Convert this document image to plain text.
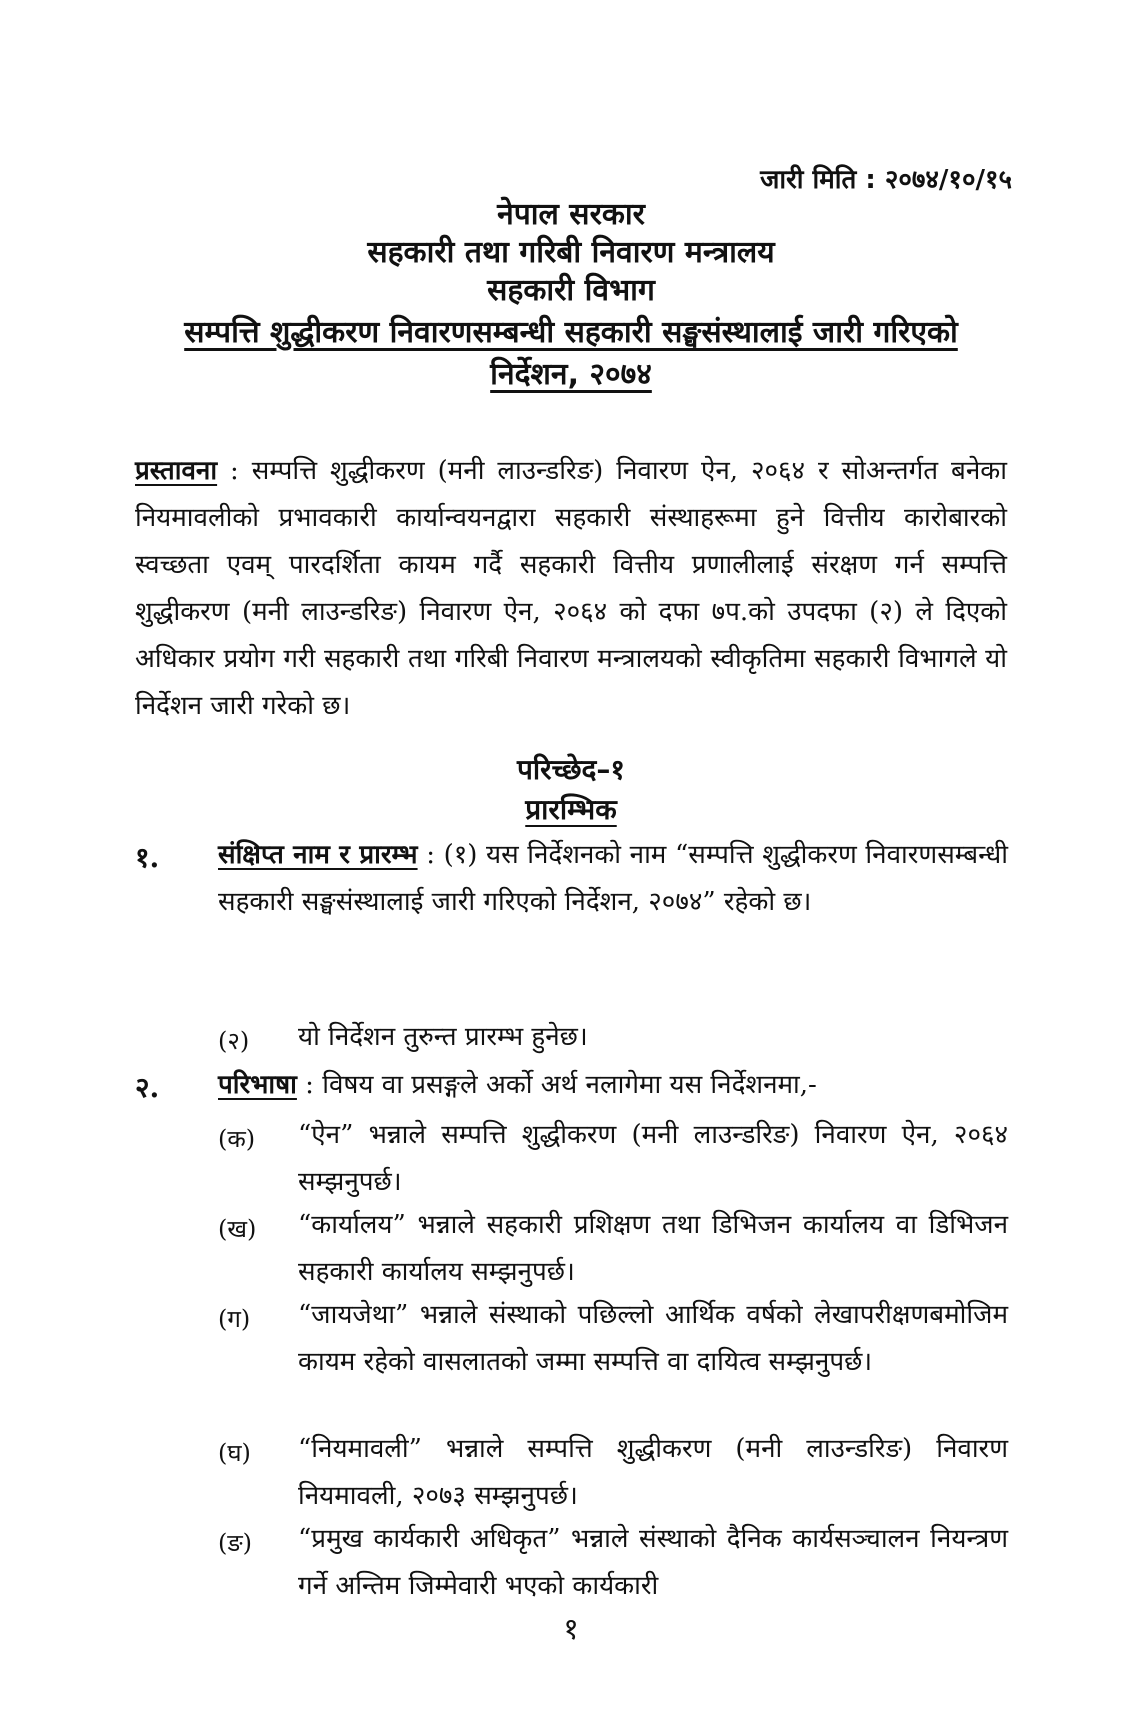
जारी मिति : २०७४/१०/१५
नेपाल सरकार
सहकारी तथा गरिबी निवारण मन्त्रालय
सहकारी विभाग
सम्पत्ति शुद्धीकरण निवारणसम्बन्धी सहकारी सङ्घसंस्थालाई जारी गरिएको
निर्देशन, २०७४
प्रस्तावना : सम्पत्ति शुद्धीकरण (मनी लाउन्डरिङ) निवारण ऐन, २०६४ र सोअन्तर्गत बनेका नियमावलीको प्रभावकारी कार्यान्वयनद्वारा सहकारी संस्थाहरूमा हुने वित्तीय कारोबारको स्वच्छता एवम् पारदर्शिता कायम गर्दै सहकारी वित्तीय प्रणालीलाई संरक्षण गर्न सम्पत्ति शुद्धीकरण (मनी लाउन्डरिङ) निवारण ऐन, २०६४ को दफा ७प.को उपदफा (२) ले दिएको अधिकार प्रयोग गरी सहकारी तथा गरिबी निवारण मन्त्रालयको स्वीकृतिमा सहकारी विभागले यो निर्देशन जारी गरेको छ।
परिच्छेद–१
प्रारम्भिक
१. संक्षिप्त नाम र प्रारम्भ : (१) यस निर्देशनको नाम “सम्पत्ति शुद्धीकरण निवारणसम्बन्धी सहकारी सङ्घसंस्थालाई जारी गरिएको निर्देशन, २०७४” रहेको छ।
(२) यो निर्देशन तुरुन्त प्रारम्भ हुनेछ।
२. परिभाषा : विषय वा प्रसङ्गले अर्को अर्थ नलागेमा यस निर्देशनमा,-
(क) “ऐन” भन्नाले सम्पत्ति शुद्धीकरण (मनी लाउन्डरिङ) निवारण ऐन, २०६४ सम्झनुपर्छ।
(ख) “कार्यालय” भन्नाले सहकारी प्रशिक्षण तथा डिभिजन कार्यालय वा डिभिजन सहकारी कार्यालय सम्झनुपर्छ।
(ग) “जायजेथा” भन्नाले संस्थाको पछिल्लो आर्थिक वर्षको लेखापरीक्षणबमोजिम कायम रहेको वासलातको जम्मा सम्पत्ति वा दायित्व सम्झनुपर्छ।
(घ) “नियमावली” भन्नाले सम्पत्ति शुद्धीकरण (मनी लाउन्डरिङ) निवारण नियमावली, २०७३ सम्झनुपर्छ।
(ङ) “प्रमुख कार्यकारी अधिकृत” भन्नाले संस्थाको दैनिक कार्यसञ्चालन नियन्त्रण गर्ने अन्तिम जिम्मेवारी भएको कार्यकारी
१
